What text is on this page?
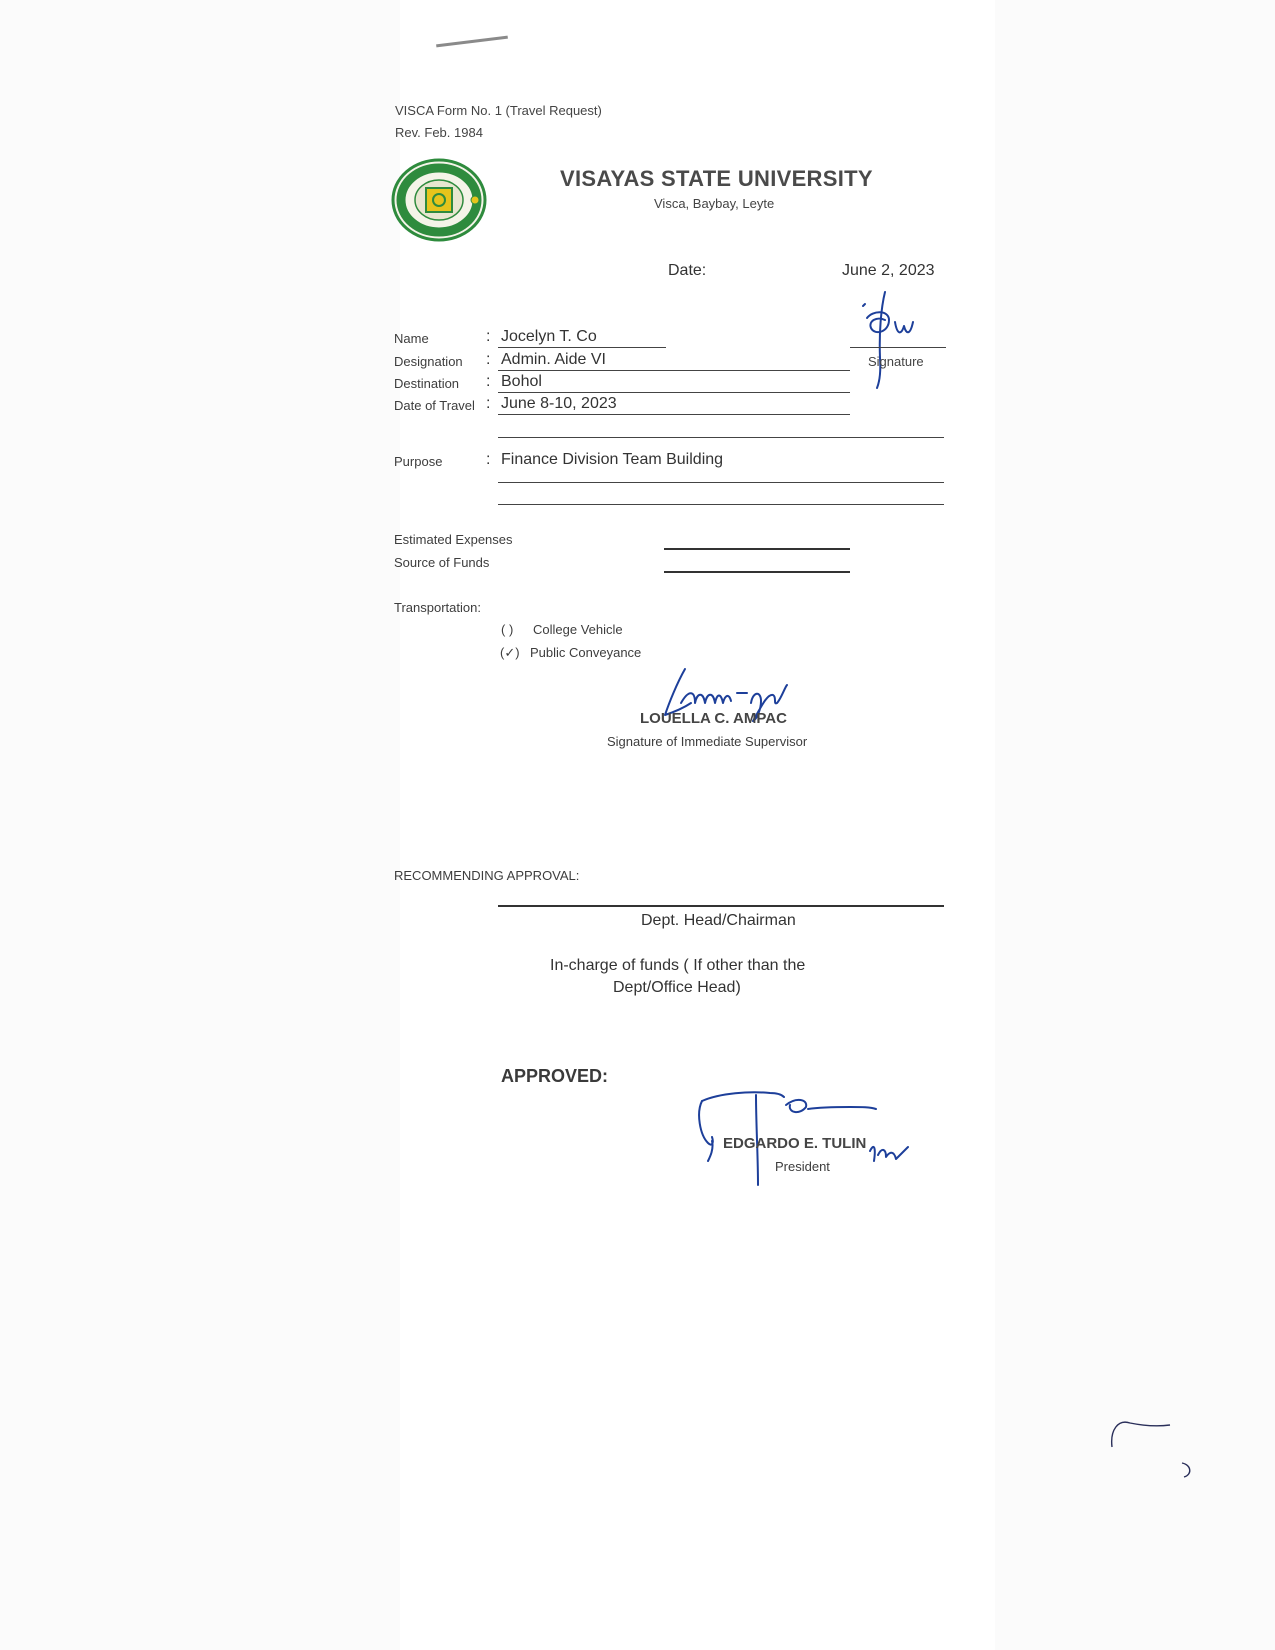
VISCA Form No. 1 (Travel Request)
Rev. Feb. 1984
VISAYAS STATE UNIVERSITY
Visca, Baybay, Leyte
Date:	June 2, 2023
Signature
Name	: Jocelyn T. Co
Designation : Admin. Aide VI
Destination : Bohol
Date of Travel : June 8-10, 2023
Purpose	: Finance Division Team Building
Estimated Expenses
Source of Funds
Transportation:
( ) College Vehicle
(✓) Public Conveyance
LOUELLA C. AMPAC
Signature of Immediate Supervisor
RECOMMENDING APPROVAL:
Dept. Head/Chairman
In-charge of funds ( If other than the
Dept/Office Head)
APPROVED:
EDGARDO E. TULIN
President
